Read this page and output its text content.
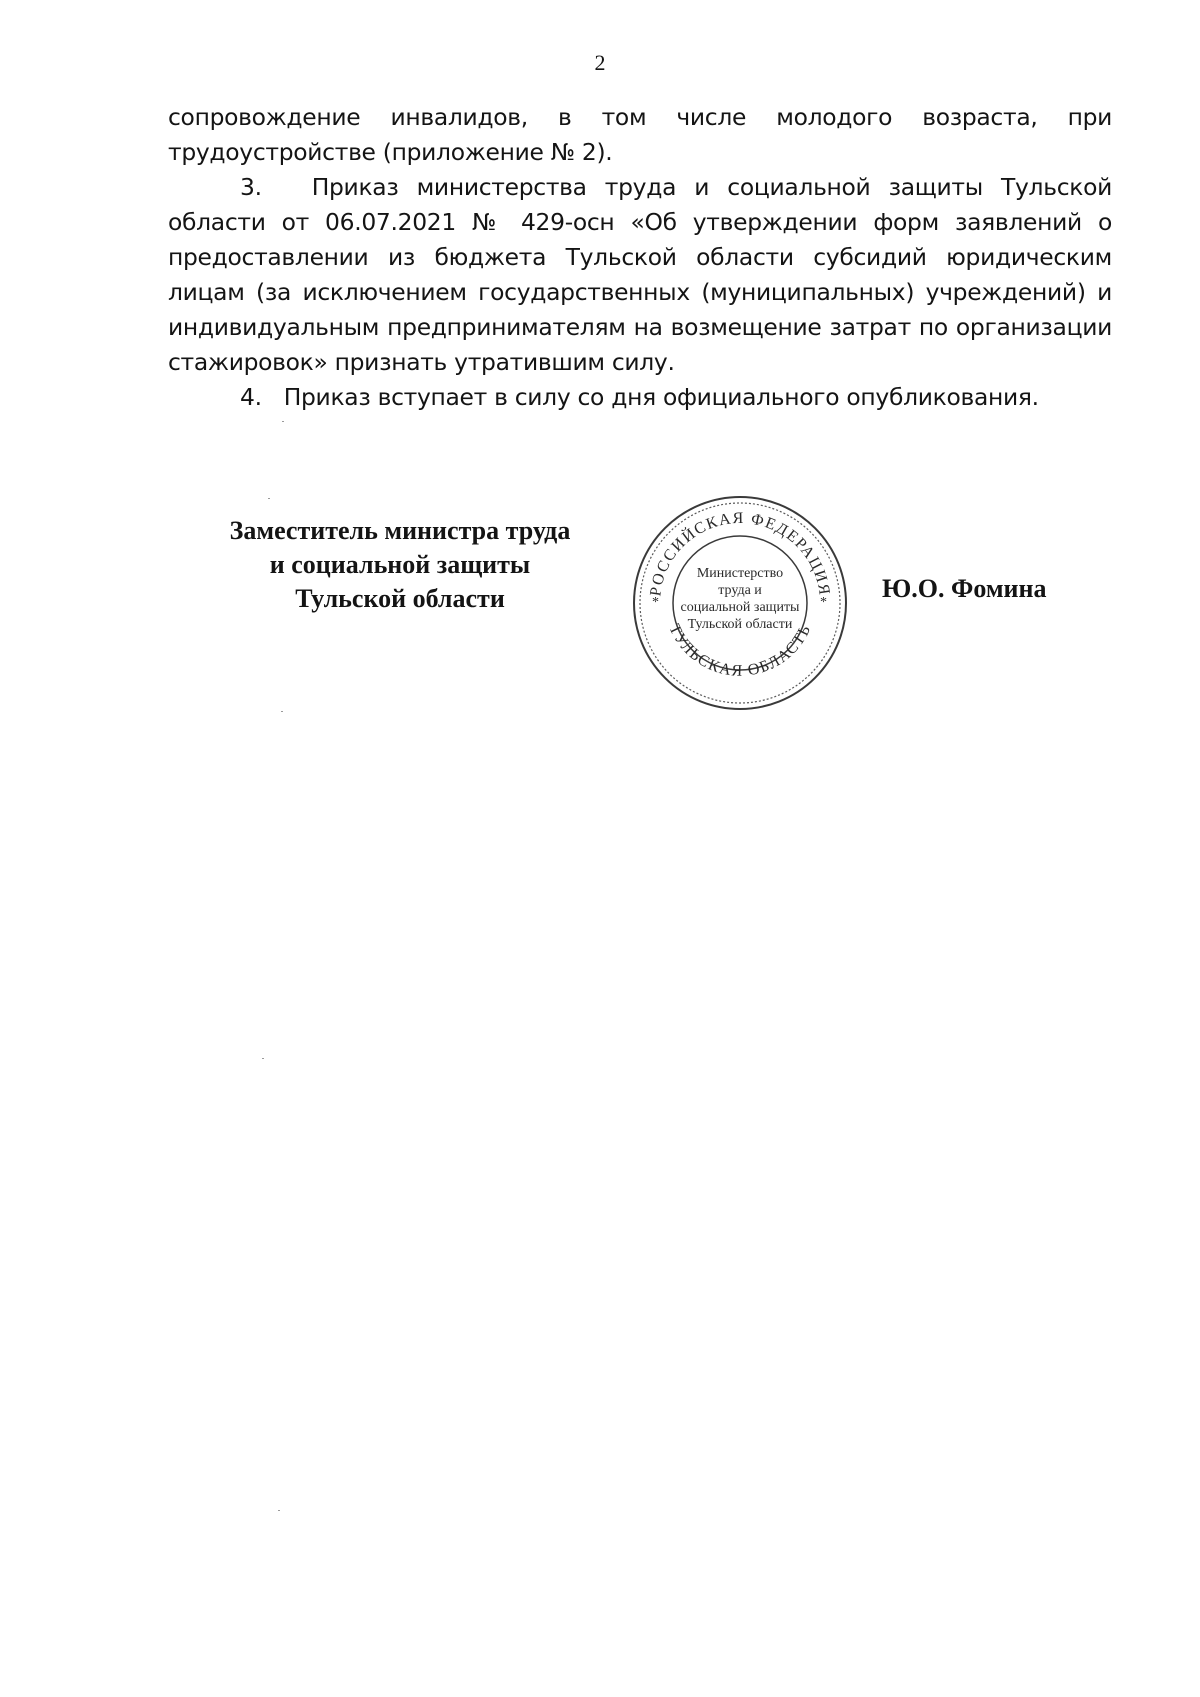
2

сопровождение инвалидов, в том числе молодого возраста, при
трудоустройстве (приложение № 2).

3. Приказ министерства труда и социальной защиты Тульской области от 06.07.2021 № 429-осн «Об утверждении форм заявлений о предоставлении из бюджета Тульской области субсидий юридическим лицам (за исключением государственных (муниципальных) учреждений) и индивидуальным предпринимателям на возмещение затрат по организации стажировок» признать утратившим силу.

4. Приказ вступает в силу со дня официального опубликования.

Заместитель министра труда
и социальной защиты
Тульской области	РОССИЙСКАЯ ФЕДЕРАЦИЯ
ТУЛЬСКАЯ ОБЛАСТЬ
*	*
Министерство
труда и
социальной защиты
Тульской области
Ю.О. Фомина
